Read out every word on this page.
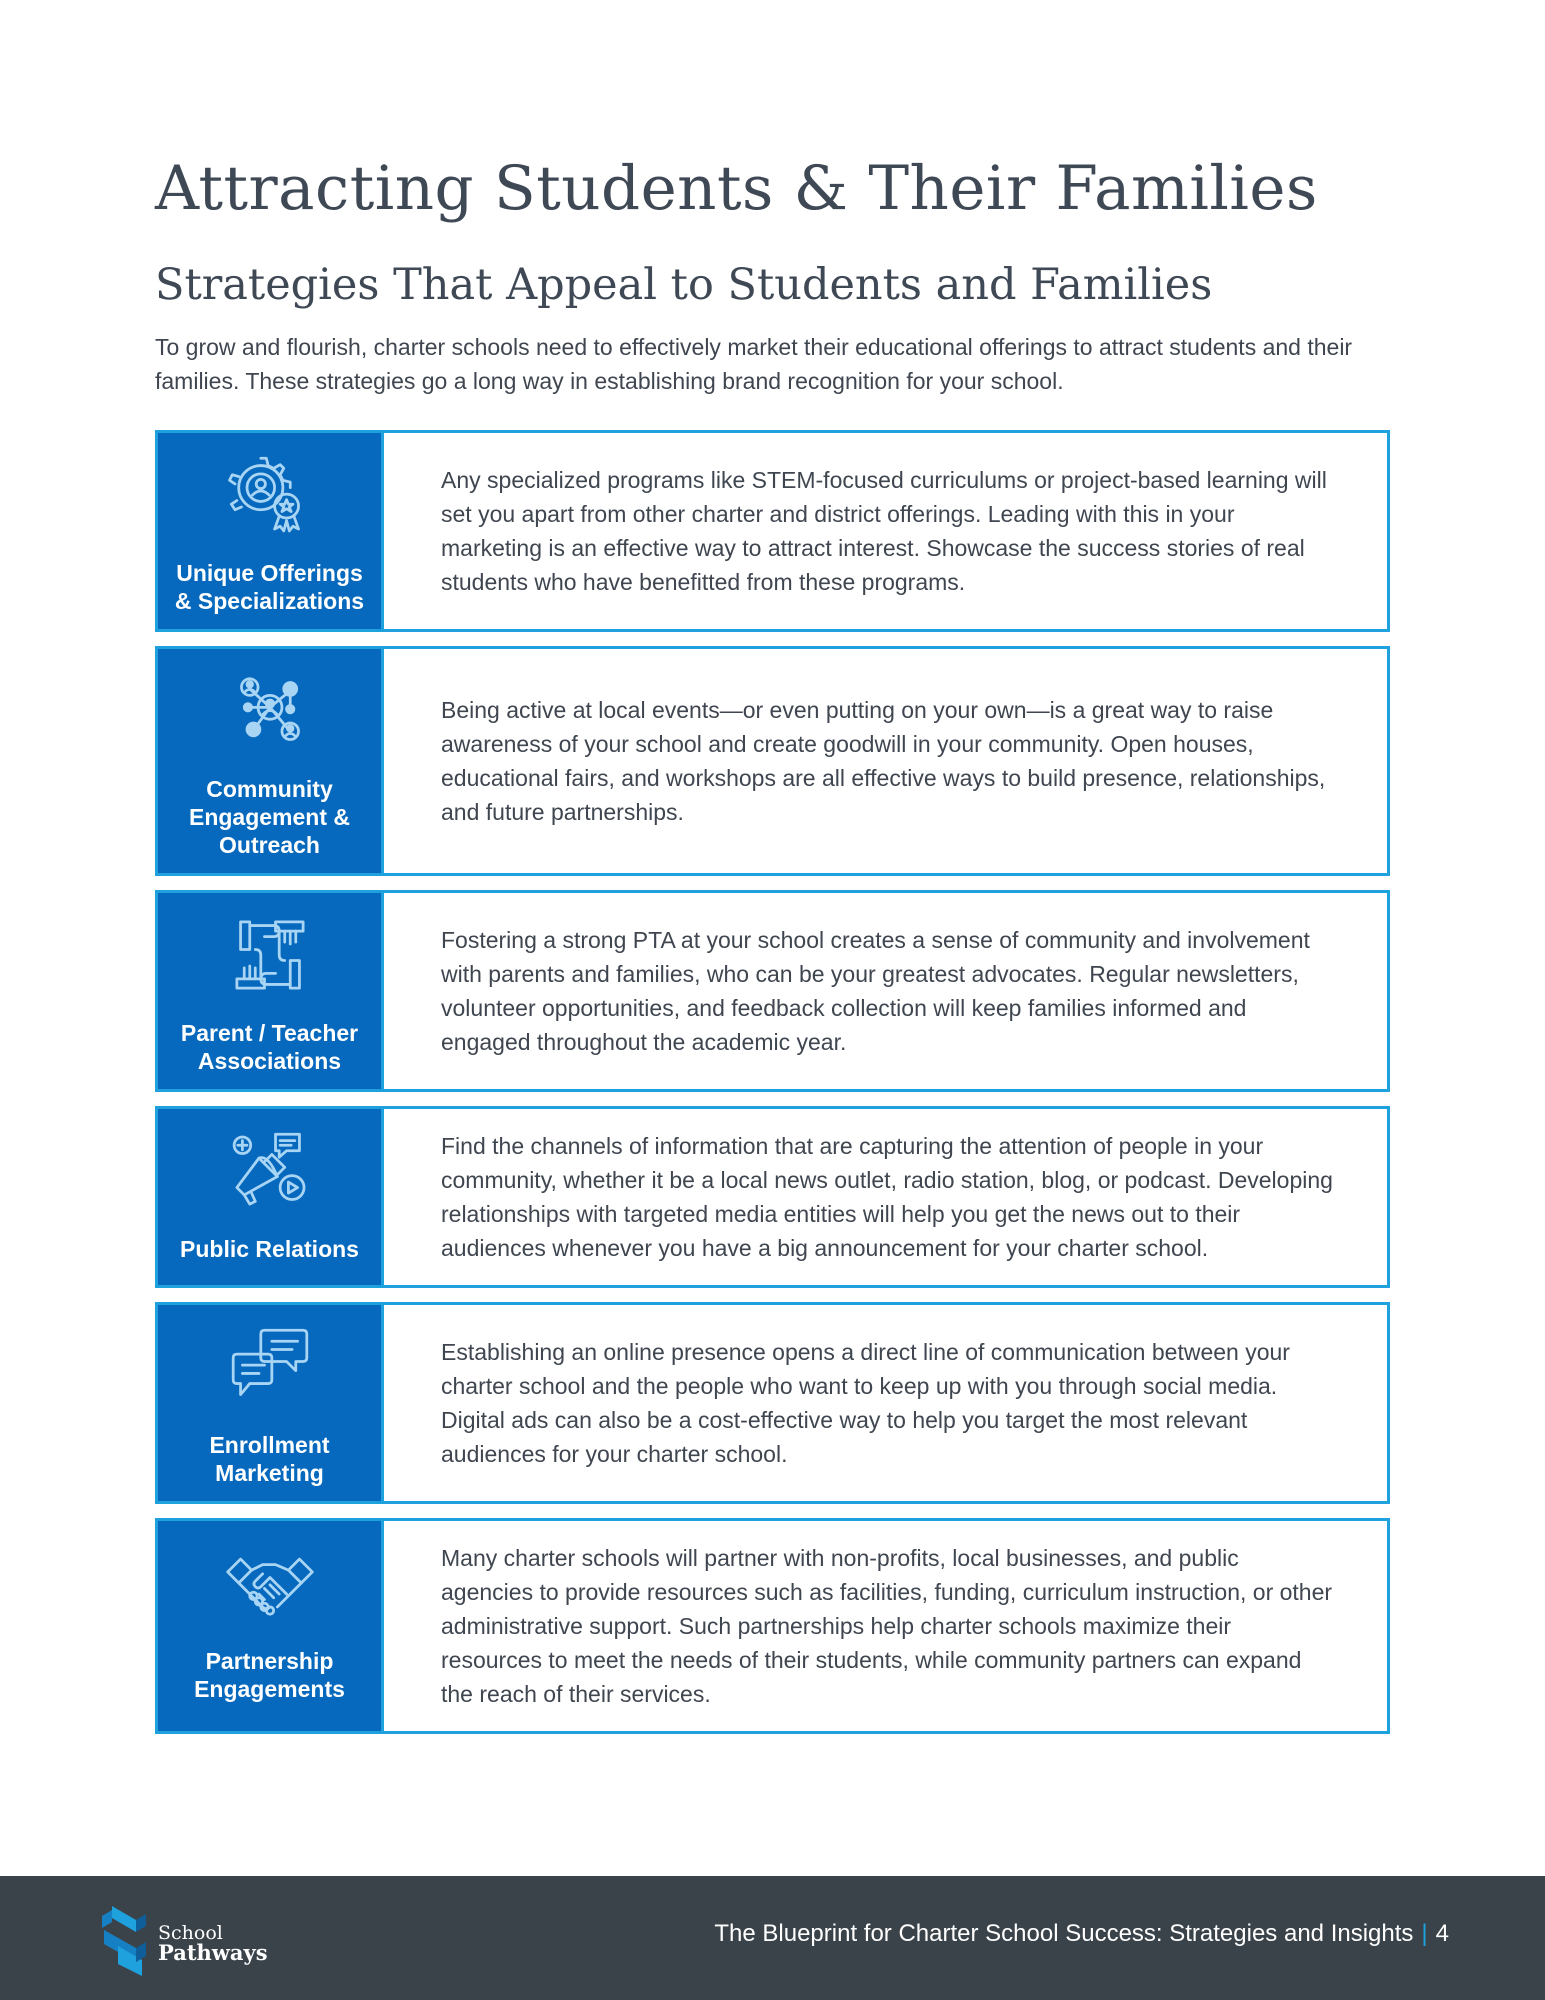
Attracting Students & Their Families
Strategies That Appeal to Students and Families

To grow and flourish, charter schools need to effectively market their educational offerings to attract students and their families. These strategies go a long way in establishing brand recognition for your school.

Unique Offerings & Specializations

Any specialized programs like STEM-focused curriculums or project-based learning will set you apart from other charter and district offerings. Leading with this in your marketing is an effective way to attract interest. Showcase the success stories of real students who have benefitted from these programs.

Community Engagement & Outreach

Being active at local events—or even putting on your own—is a great way to raise awareness of your school and create goodwill in your community. Open houses, educational fairs, and workshops are all effective ways to build presence, relationships, and future partnerships.

Parent / Teacher Associations

Fostering a strong PTA at your school creates a sense of community and involvement with parents and families, who can be your greatest advocates. Regular newsletters, volunteer opportunities, and feedback collection will keep families informed and engaged throughout the academic year.

Public Relations

Find the channels of information that are capturing the attention of people in your community, whether it be a local news outlet, radio station, blog, or podcast. Developing relationships with targeted media entities will help you get the news out to their audiences whenever you have a big announcement for your charter school.

Enrollment Marketing

Establishing an online presence opens a direct line of communication between your charter school and the people who want to keep up with you through social media. Digital ads can also be a cost-effective way to help you target the most relevant audiences for your charter school.

Partnership Engagements

Many charter schools will partner with non-profits, local businesses, and public agencies to provide resources such as facilities, funding, curriculum instruction, or other administrative support. Such partnerships help charter schools maximize their resources to meet the needs of their students, while community partners can expand the reach of their services.

School
Pathways
The Blueprint for Charter School Success: Strategies and Insights | 4
